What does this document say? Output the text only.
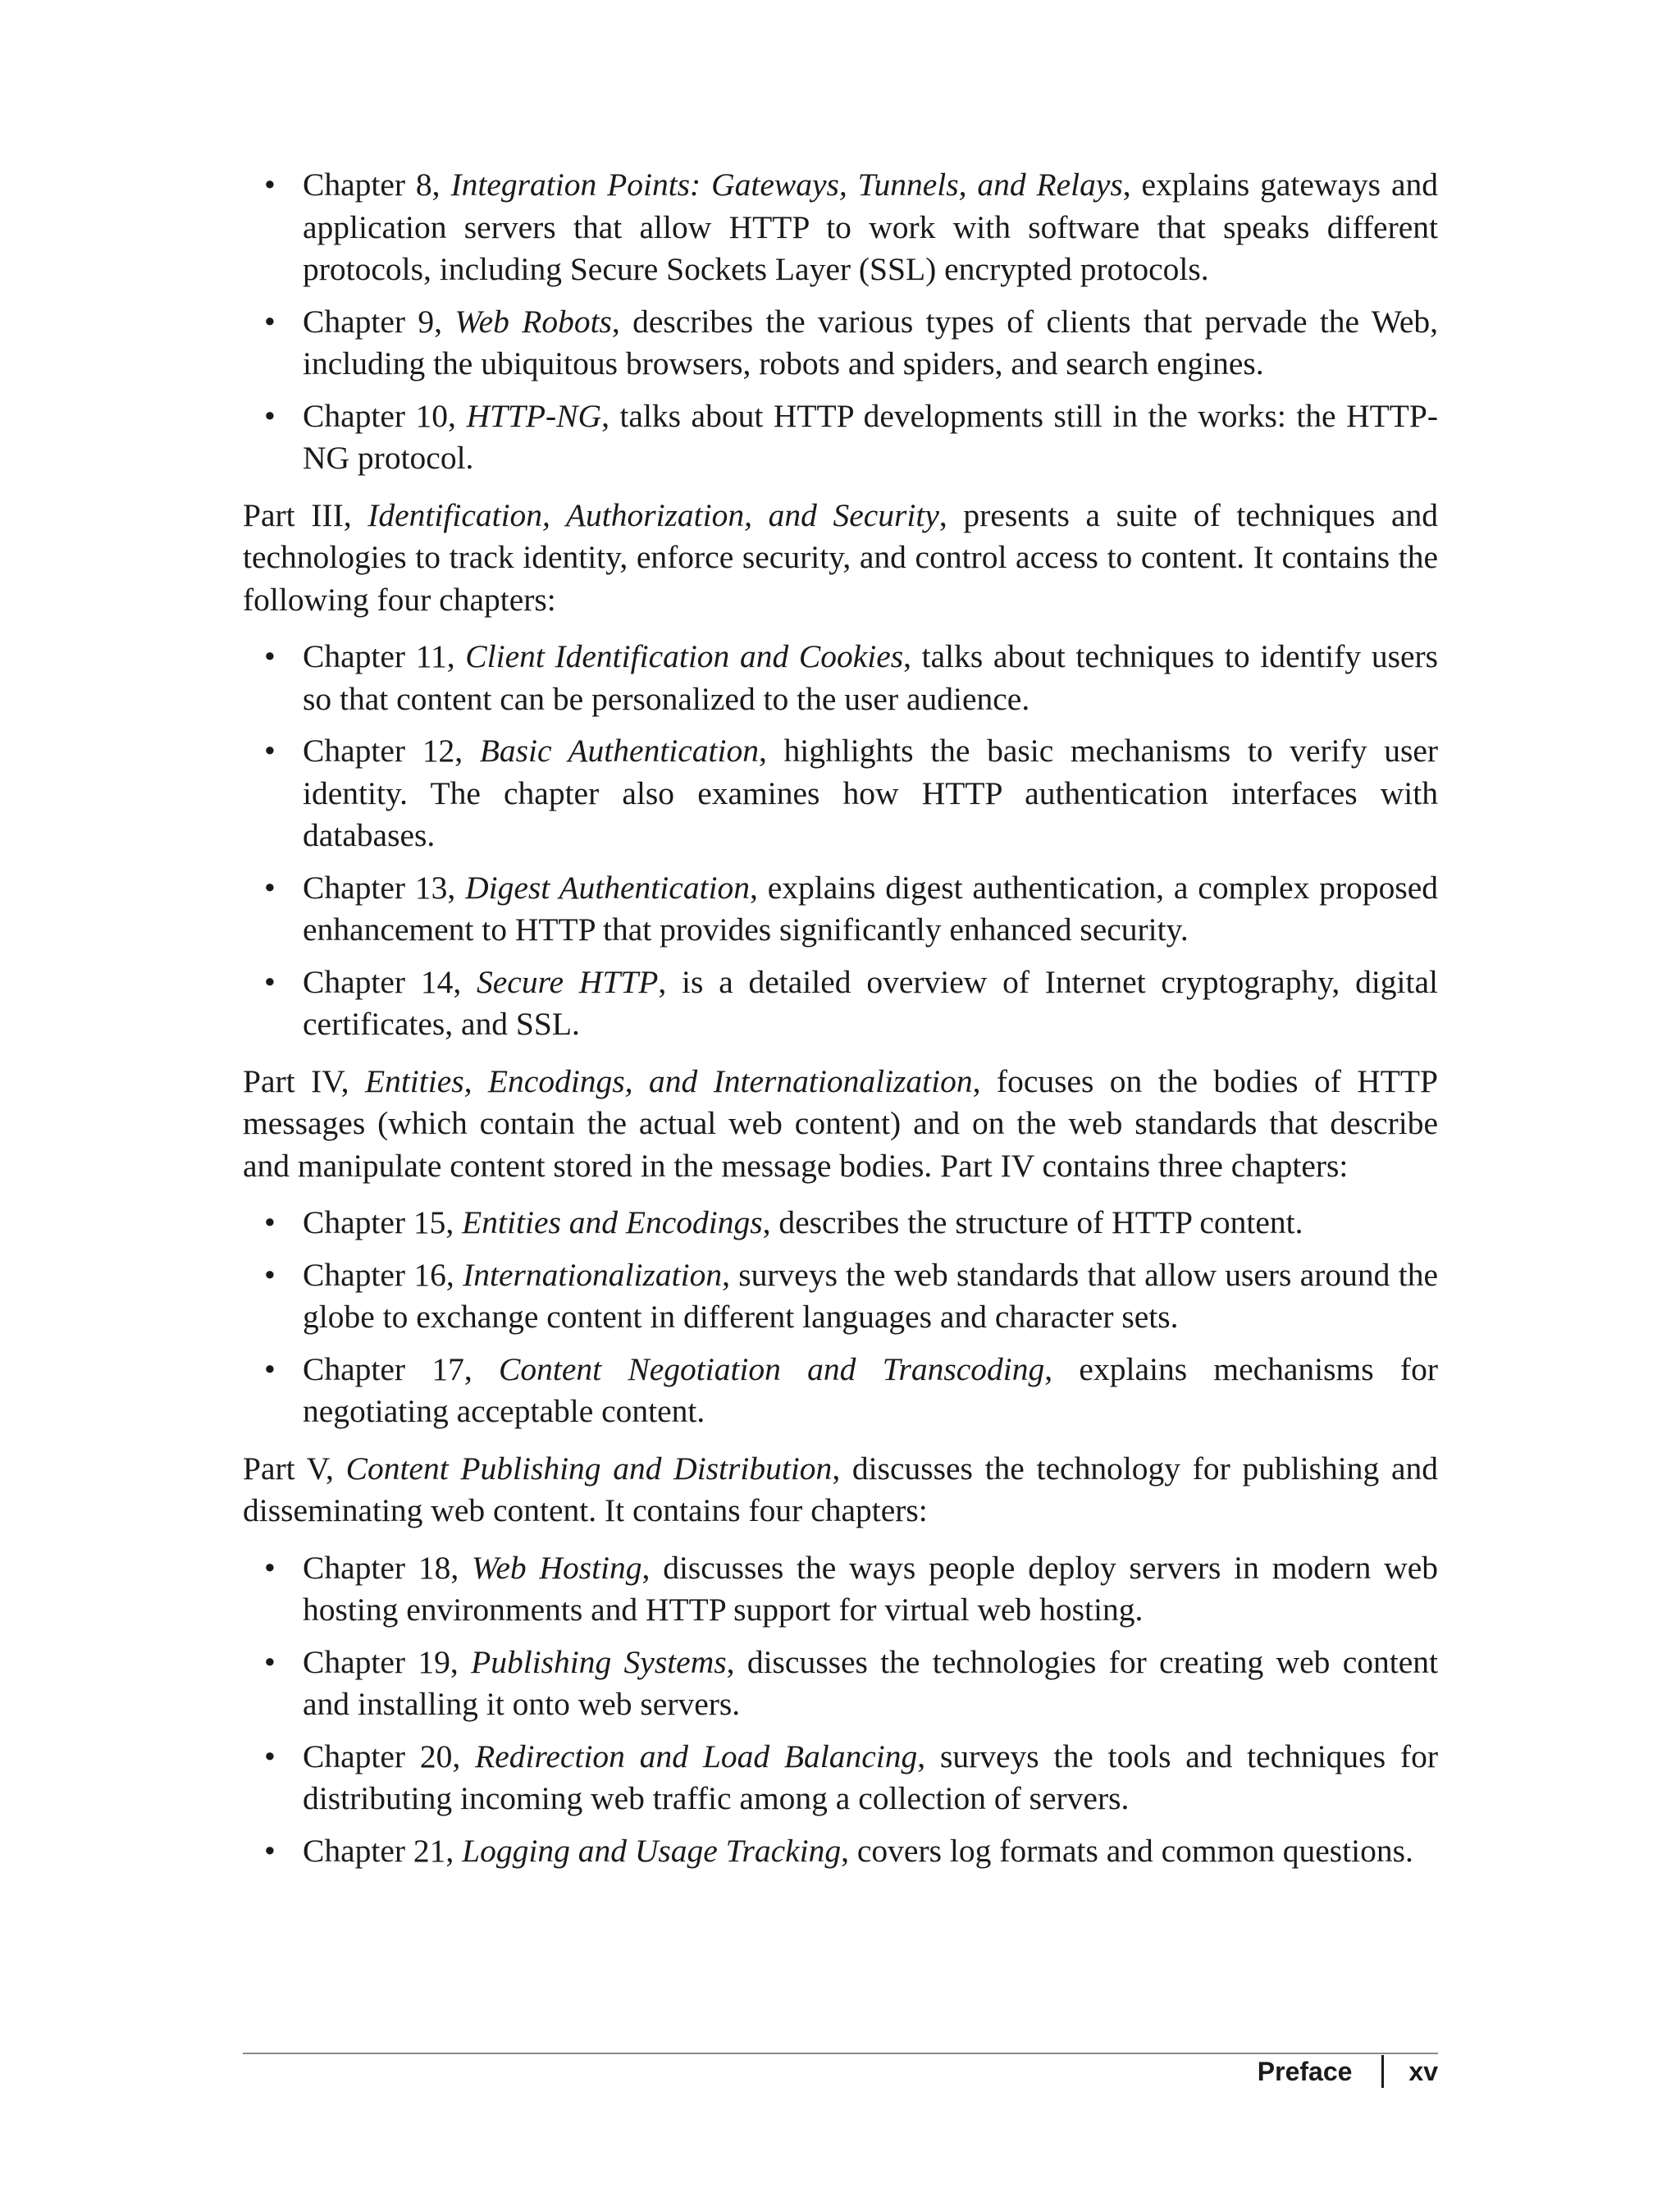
• Chapter 8, Integration Points: Gateways, Tunnels, and Relays, explains gateways and application servers that allow HTTP to work with software that speaks different protocols, including Secure Sockets Layer (SSL) encrypted protocols.
• Chapter 9, Web Robots, describes the various types of clients that pervade the Web, including the ubiquitous browsers, robots and spiders, and search engines.
• Chapter 10, HTTP-NG, talks about HTTP developments still in the works: the HTTP-NG protocol.

Part III, Identification, Authorization, and Security, presents a suite of techniques and technologies to track identity, enforce security, and control access to content. It contains the following four chapters:

• Chapter 11, Client Identification and Cookies, talks about techniques to identify users so that content can be personalized to the user audience.
• Chapter 12, Basic Authentication, highlights the basic mechanisms to verify user identity. The chapter also examines how HTTP authentication interfaces with databases.
• Chapter 13, Digest Authentication, explains digest authentication, a complex proposed enhancement to HTTP that provides significantly enhanced security.
• Chapter 14, Secure HTTP, is a detailed overview of Internet cryptography, digital certificates, and SSL.

Part IV, Entities, Encodings, and Internationalization, focuses on the bodies of HTTP messages (which contain the actual web content) and on the web standards that describe and manipulate content stored in the message bodies. Part IV contains three chapters:

• Chapter 15, Entities and Encodings, describes the structure of HTTP content.
• Chapter 16, Internationalization, surveys the web standards that allow users around the globe to exchange content in different languages and character sets.
• Chapter 17, Content Negotiation and Transcoding, explains mechanisms for negotiating acceptable content.

Part V, Content Publishing and Distribution, discusses the technology for publishing and disseminating web content. It contains four chapters:

• Chapter 18, Web Hosting, discusses the ways people deploy servers in modern web hosting environments and HTTP support for virtual web hosting.
• Chapter 19, Publishing Systems, discusses the technologies for creating web content and installing it onto web servers.
• Chapter 20, Redirection and Load Balancing, surveys the tools and techniques for distributing incoming web traffic among a collection of servers.
• Chapter 21, Logging and Usage Tracking, covers log formats and common questions.
Preface xv
